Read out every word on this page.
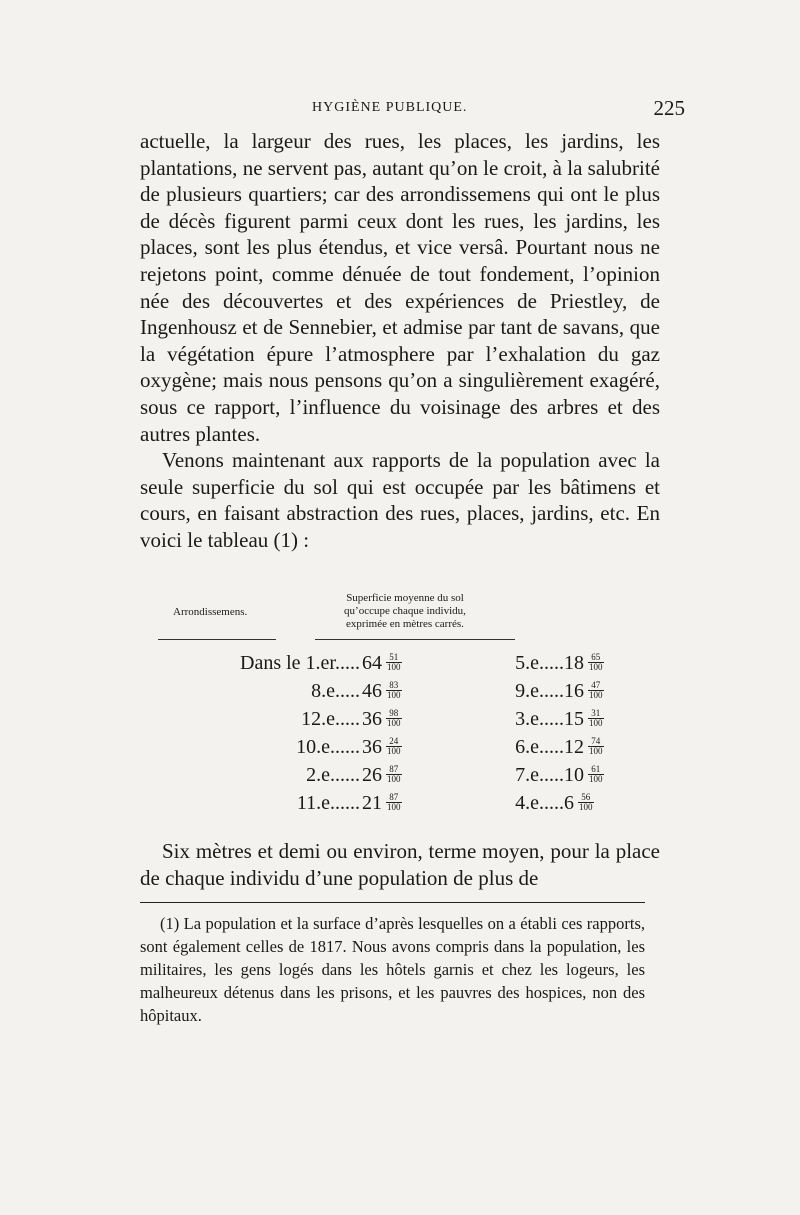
HYGIÈNE PUBLIQUE.	225

actuelle, la largeur des rues, les places, les jardins, les plantations, ne servent pas, autant qu’on le croit, à la salubrité de plusieurs quartiers; car des arrondissemens qui ont le plus de décès figurent parmi ceux dont les rues, les jardins, les places, sont les plus étendus, et vice versâ. Pourtant nous ne rejetons point, comme dénuée de tout fondement, l’opinion née des découvertes et des expériences de Priestley, de Ingenhousz et de Sennebier, et admise par tant de savans, que la végétation épure l’atmosphere par l’exhalation du gaz oxygène; mais nous pensons qu’on a singulièrement exagéré, sous ce rapport, l’influence du voisinage des arbres et des autres plantes.

Venons maintenant aux rapports de la population avec la seule superficie du sol qui est occupée par les bâtimens et cours, en faisant abstraction des rues, places, jardins, etc. En voici le tableau (1) :

Arrondissemens.
Superficie moyenne du sol
qu’occupe chaque individu,
exprimée en mètres carrés.
Dans le 1.er..... $64 \frac{51}{100}$	5.e..... $18 \frac{65}{100}$
8.e..... $46 \frac{83}{100}$	9.e..... $16 \frac{47}{100}$
12.e..... $36 \frac{98}{100}$	3.e..... $15 \frac{31}{100}$
10.e...... $36 \frac{24}{100}$	6.e..... $12 \frac{74}{100}$
2.e...... $26 \frac{87}{100}$	7.e..... $10 \frac{61}{100}$
11.e...... $21 \frac{87}{100}$	4.e..... $6 \frac{56}{100}$

Six mètres et demi ou environ, terme moyen, pour la place de chaque individu d’une population de plus de

(1) La population et la surface d’après lesquelles on a établi ces rapports, sont également celles de 1817. Nous avons compris dans la population, les militaires, les gens logés dans les hôtels garnis et chez les logeurs, les malheureux détenus dans les prisons, et les pauvres des hospices, non des hôpitaux.
